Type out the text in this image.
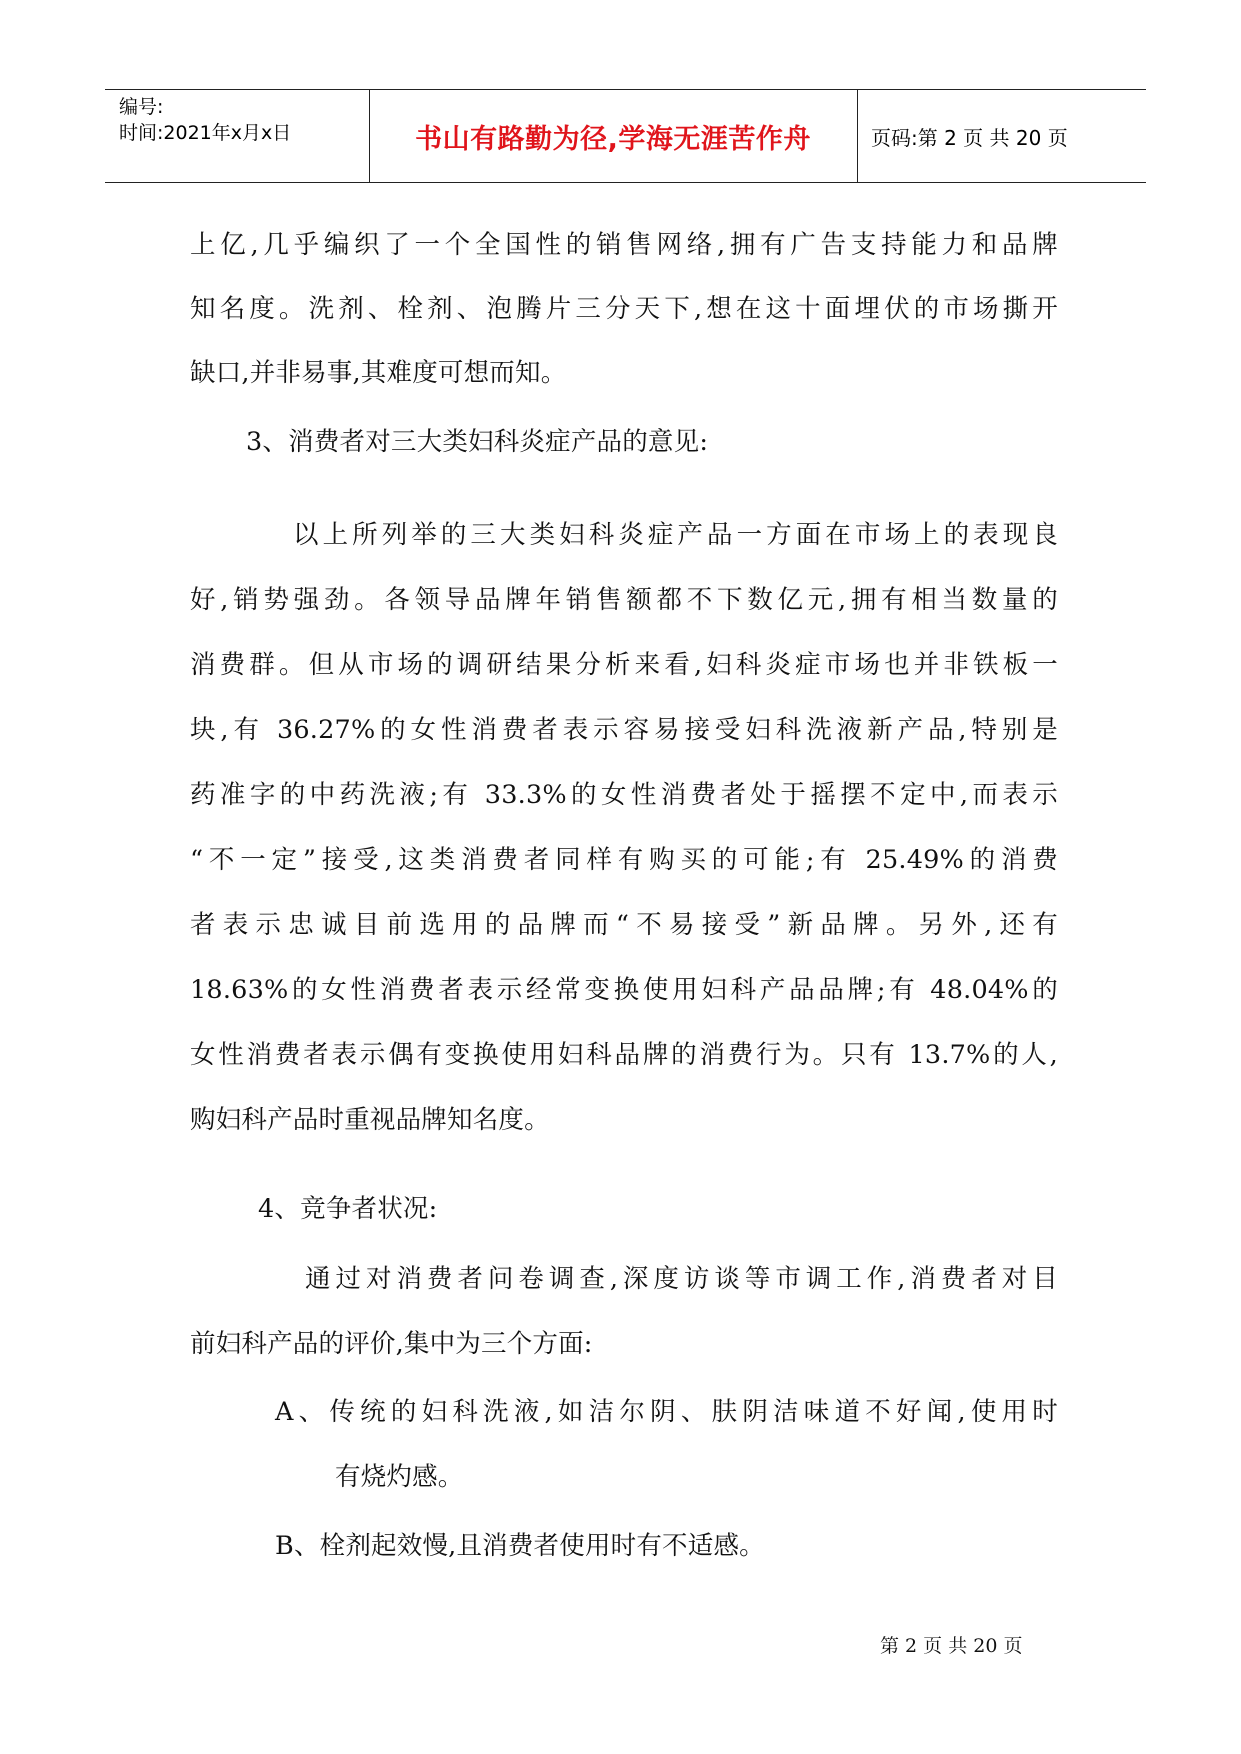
编号:
时间:2021年x月x日	书山有路勤为径,学海无涯苦作舟	页码:第 2 页 共 20 页
上亿,几乎编织了一个全国性的销售网络,拥有广告支持能力和品牌
知名度。洗剂、栓剂、泡腾片三分天下,想在这十面埋伏的市场撕开
缺口,并非易事,其难度可想而知。
3、消费者对三大类妇科炎症产品的意见:
以上所列举的三大类妇科炎症产品一方面在市场上的表现良
好,销势强劲。各领导品牌年销售额都不下数亿元,拥有相当数量的
消费群。但从市场的调研结果分析来看,妇科炎症市场也并非铁板一
块,有 36.27%的女性消费者表示容易接受妇科洗液新产品,特别是
药准字的中药洗液;有 33.3%的女性消费者处于摇摆不定中,而表示
“不一定”接受,这类消费者同样有购买的可能;有 25.49%的消费
者表示忠诚目前选用的品牌而“不易接受”新品牌。另外,还有
18.63%的女性消费者表示经常变换使用妇科产品品牌;有 48.04%的
女性消费者表示偶有变换使用妇科品牌的消费行为。只有 13.7%的人,
购妇科产品时重视品牌知名度。
4、竞争者状况:
通过对消费者问卷调查,深度访谈等市调工作,消费者对目
前妇科产品的评价,集中为三个方面:
A、传统的妇科洗液,如洁尔阴、肤阴洁味道不好闻,使用时
有烧灼感。
B、栓剂起效慢,且消费者使用时有不适感。
第 2 页 共 20 页
